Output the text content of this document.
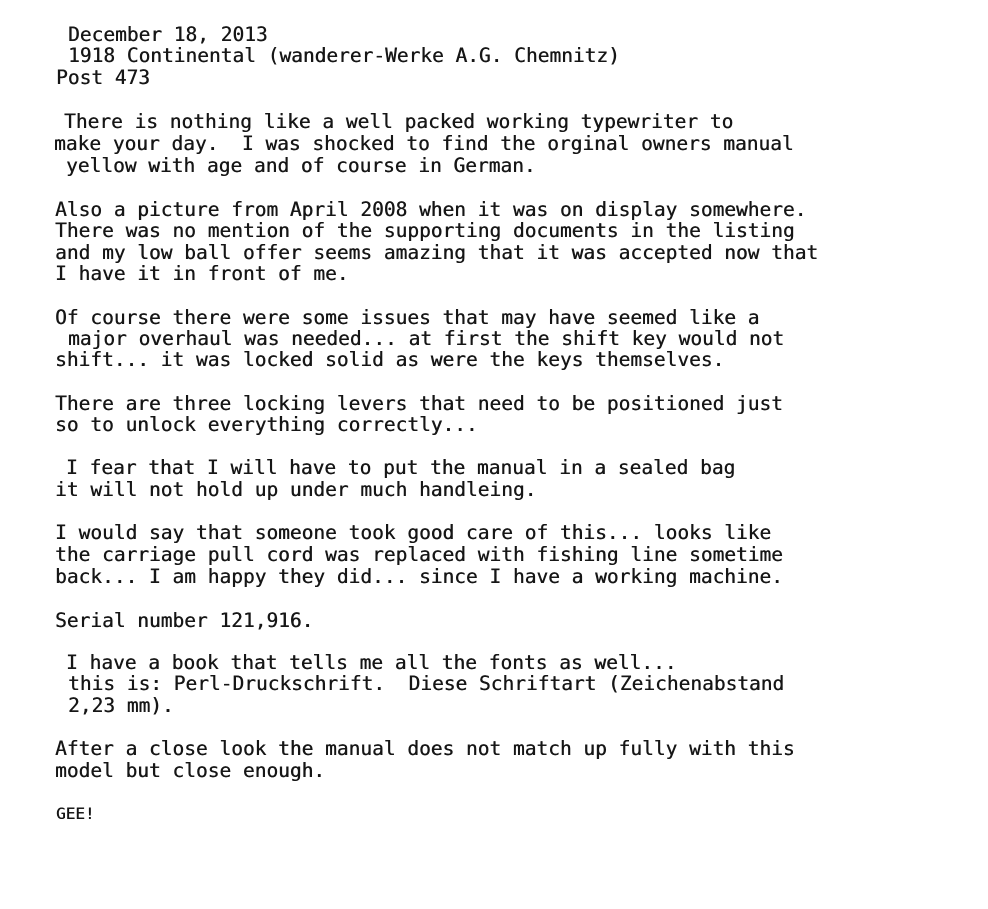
December 18, 2013
1918 Continental (wanderer-Werke A.G. Chemnitz)
Post 473
There is nothing like a well packed working typewriter to
make your day.  I was shocked to find the orginal owners manual
yellow with age and of course in German.
Also a picture from April 2008 when it was on display somewhere.
There was no mention of the supporting documents in the listing
and my low ball offer seems amazing that it was accepted now that
I have it in front of me.
Of course there were some issues that may have seemed like a
major overhaul was needed... at first the shift key would not
shift... it was locked solid as were the keys themselves.
There are three locking levers that need to be positioned just
so to unlock everything correctly...
I fear that I will have to put the manual in a sealed bag
it will not hold up under much handleing.
I would say that someone took good care of this... looks like
the carriage pull cord was replaced with fishing line sometime
back... I am happy they did... since I have a working machine.
Serial number 121,916.
I have a book that tells me all the fonts as well...
this is: Perl-Druckschrift.  Diese Schriftart (Zeichenabstand
2,23 mm).
After a close look the manual does not match up fully with this
model but close enough.
GEE!
